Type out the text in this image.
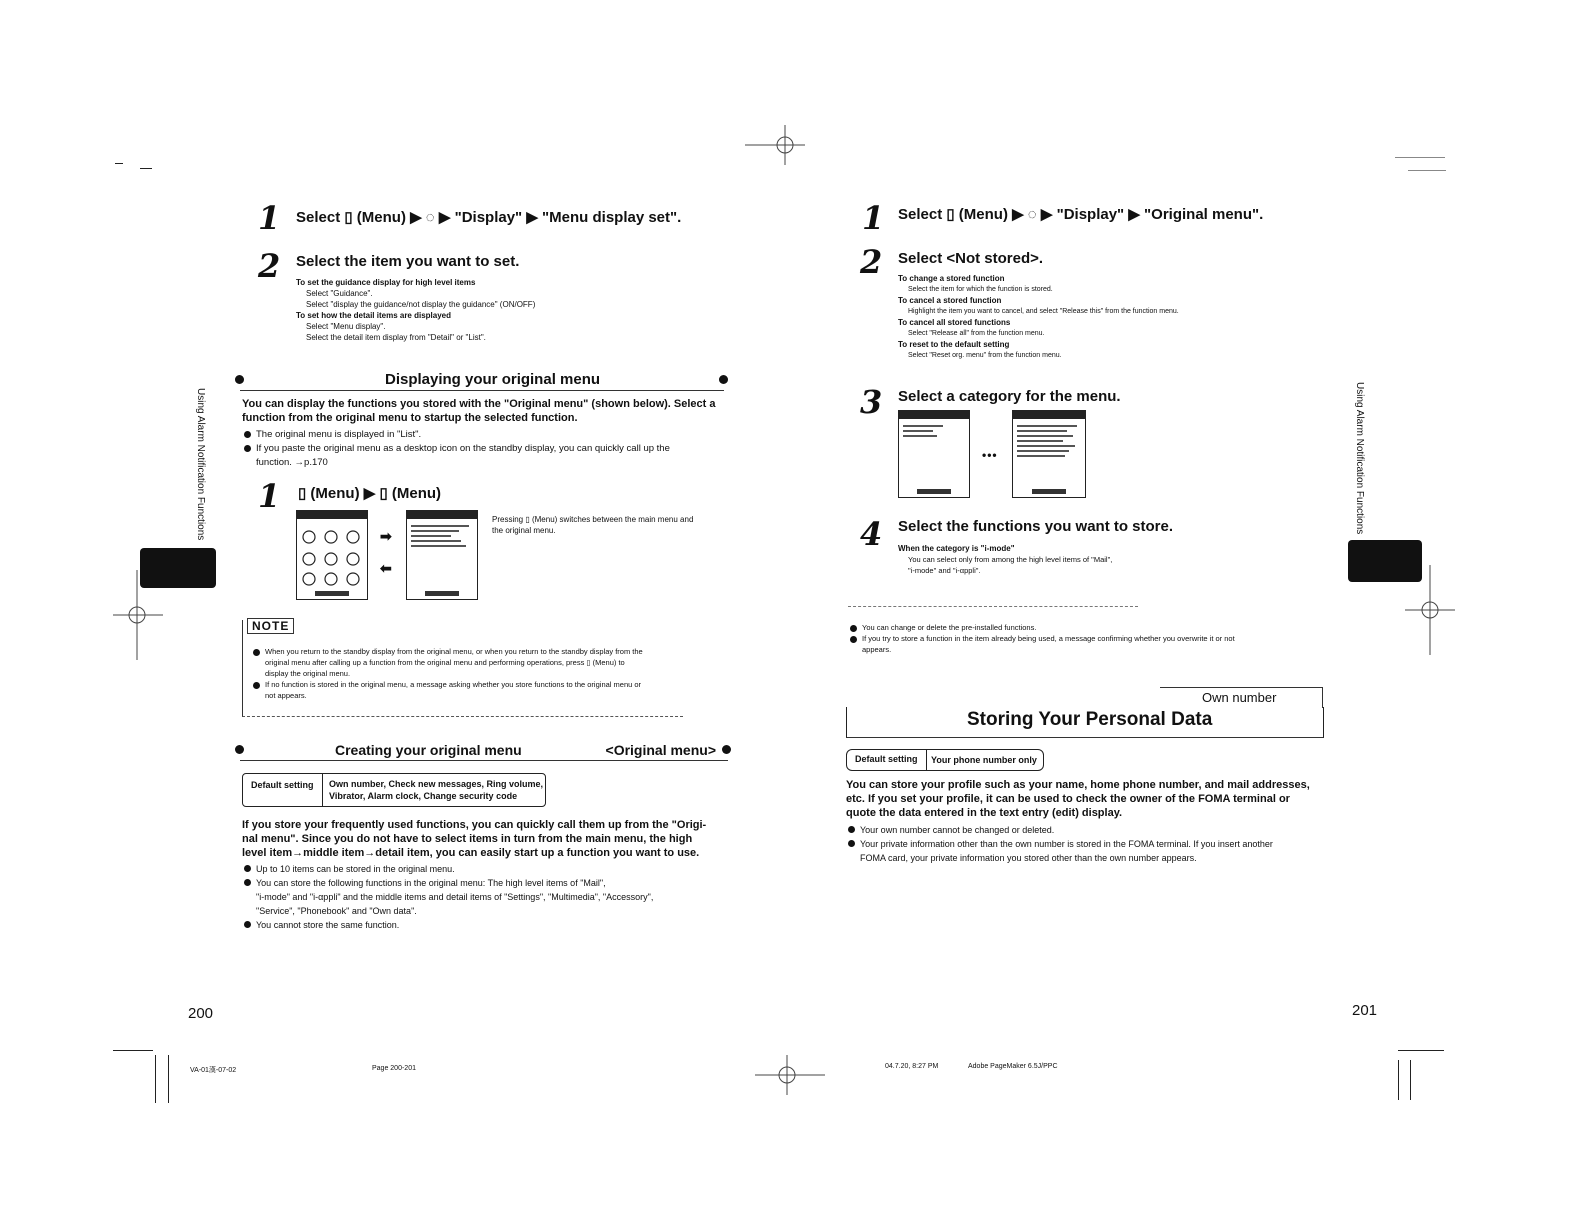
Using Alarm Notification Functions
1 Select ▯ (Menu) ▶ ◌ ▶ "Display" ▶ "Menu display set".
2 Select the item you want to set.
To set the guidance display for high level items
Select "Guidance".
Select "display the guidance/not display the guidance" (ON/OFF)
To set how the detail items are displayed
Select "Menu display".
Select the detail item display from "Detail" or "List".
Displaying your original menu
You can display the functions you stored with the "Original menu" (shown below). Select a
function from the original menu to startup the selected function.
The original menu is displayed in "List".
If you paste the original menu as a desktop icon on the standby display, you can quickly call up the
function. →p.170
1 ▯ (Menu) ▶ ▯ (Menu)
➡
⬅
Pressing ▯ (Menu) switches between the main menu and
the original menu.
NOTE
When you return to the standby display from the original menu, or when you return to the standby display from the
original menu after calling up a function from the original menu and performing operations, press ▯ (Menu) to
display the original menu.
If no function is stored in the original menu, a message asking whether you store functions to the original menu or
not appears.
Creating your original menu	<Original menu>
Default setting	Own number, Check new messages, Ring volume,
Vibrator, Alarm clock, Change security code
If you store your frequently used functions, you can quickly call them up from the "Origi-
nal menu". Since you do not have to select items in turn from the main menu, the high
level item→middle item→detail item, you can easily start up a function you want to use.
Up to 10 items can be stored in the original menu.
You can store the following functions in the original menu: The high level items of "Mail",
"i-mode" and "i-αppli" and the middle items and detail items of "Settings", "Multimedia", "Accessory",
"Service", "Phonebook" and "Own data".
You cannot store the same function.
200
VA-01漢-07-02	Page 200-201
Using Alarm Notification Functions
1 Select ▯ (Menu) ▶ ◌ ▶ "Display" ▶ "Original menu".
2 Select <Not stored>.
To change a stored function
Select the item for which the function is stored.
To cancel a stored function
Highlight the item you want to cancel, and select "Release this" from the function menu.
To cancel all stored functions
Select "Release all" from the function menu.
To reset to the default setting
Select "Reset org. menu" from the function menu.
3 Select a category for the menu.
•••
4 Select the functions you want to store.
When the category is "i-mode"
You can select only from among the high level items of "Mail",
"i-mode" and "i-αppli".
You can change or delete the pre-installed functions.
If you try to store a function in the item already being used, a message confirming whether you overwrite it or not
appears.
Own number
Storing Your Personal Data
Default setting	Your phone number only
You can store your profile such as your name, home phone number, and mail addresses,
etc. If you set your profile, it can be used to check the owner of the FOMA terminal or
quote the data entered in the text entry (edit) display.
Your own number cannot be changed or deleted.
Your private information other than the own number is stored in the FOMA terminal. If you insert another
FOMA card, your private information you stored other than the own number appears.
201
04.7.20, 8:27 PM	Adobe PageMaker 6.5J/PPC
